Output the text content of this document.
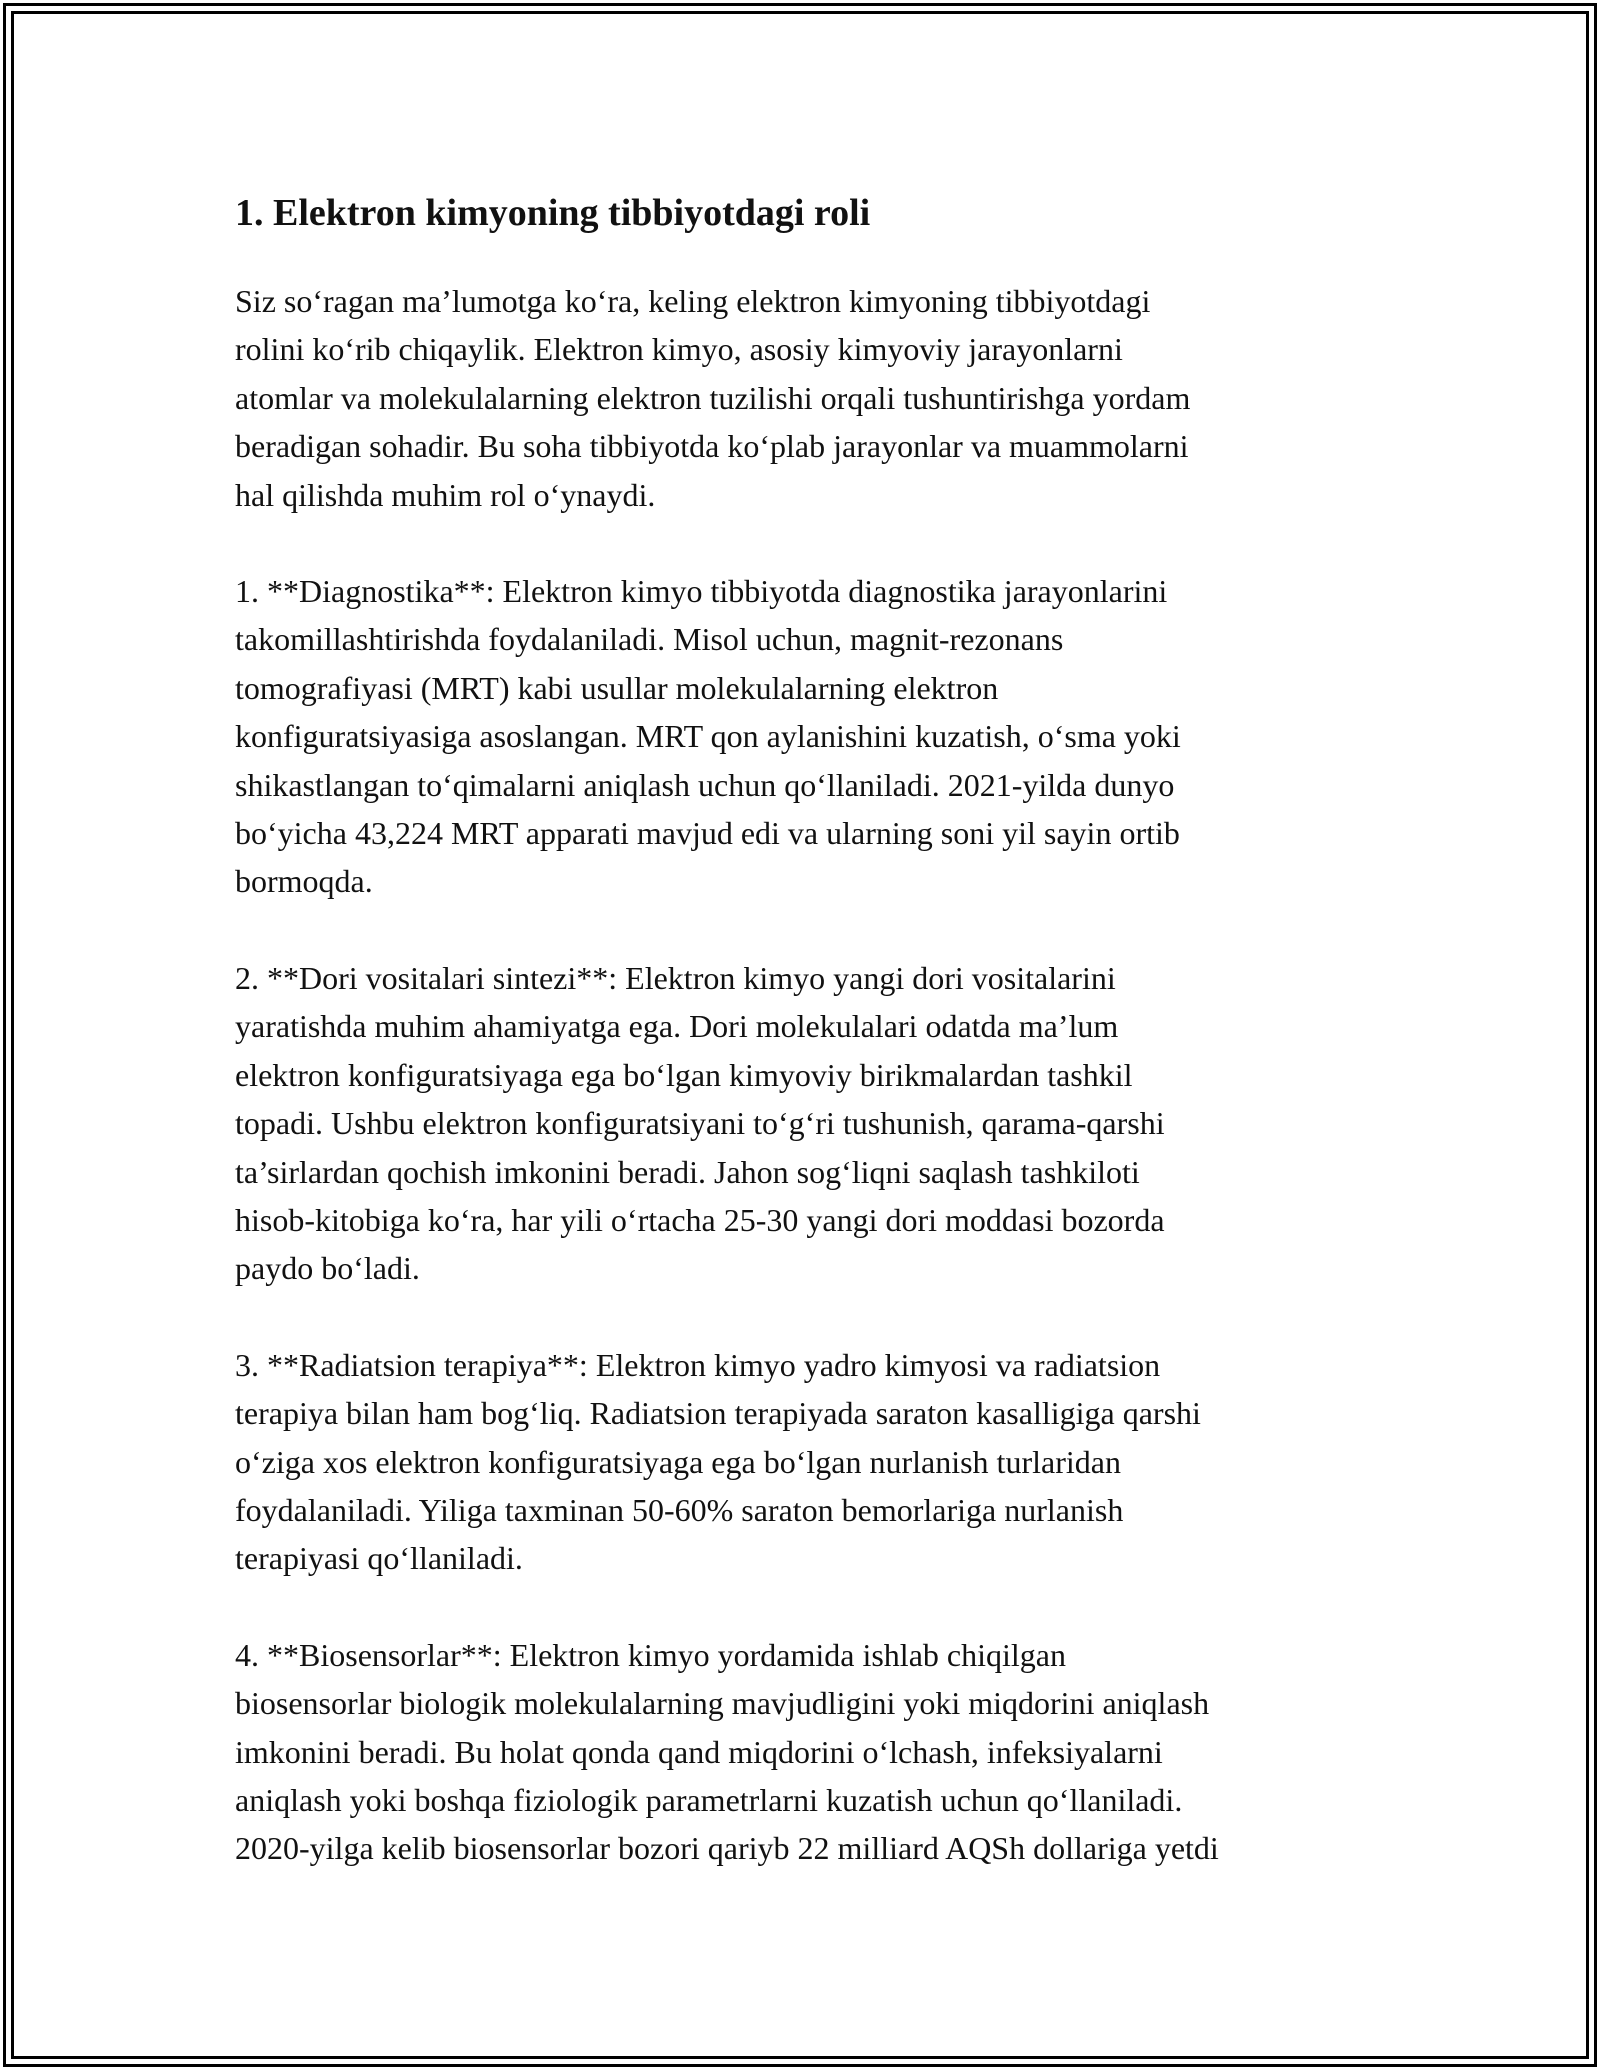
1. Elektron kimyoning tibbiyotdagi roli

Siz so‘ragan ma’lumotga ko‘ra, keling elektron kimyoning tibbiyotdagi
rolini ko‘rib chiqaylik. Elektron kimyo, asosiy kimyoviy jarayonlarni
atomlar va molekulalarning elektron tuzilishi orqali tushuntirishga yordam
beradigan sohadir. Bu soha tibbiyotda ko‘plab jarayonlar va muammolarni
hal qilishda muhim rol o‘ynaydi.

1. **Diagnostika**: Elektron kimyo tibbiyotda diagnostika jarayonlarini
takomillashtirishda foydalaniladi. Misol uchun, magnit-rezonans
tomografiyasi (MRT) kabi usullar molekulalarning elektron
konfiguratsiyasiga asoslangan. MRT qon aylanishini kuzatish, o‘sma yoki
shikastlangan to‘qimalarni aniqlash uchun qo‘llaniladi. 2021-yilda dunyo
bo‘yicha 43,224 MRT apparati mavjud edi va ularning soni yil sayin ortib
bormoqda.

2. **Dori vositalari sintezi**: Elektron kimyo yangi dori vositalarini
yaratishda muhim ahamiyatga ega. Dori molekulalari odatda ma’lum
elektron konfiguratsiyaga ega bo‘lgan kimyoviy birikmalardan tashkil
topadi. Ushbu elektron konfiguratsiyani to‘g‘ri tushunish, qarama-qarshi
ta’sirlardan qochish imkonini beradi. Jahon sog‘liqni saqlash tashkiloti
hisob-kitobiga ko‘ra, har yili o‘rtacha 25-30 yangi dori moddasi bozorda
paydo bo‘ladi.

3. **Radiatsion terapiya**: Elektron kimyo yadro kimyosi va radiatsion
terapiya bilan ham bog‘liq. Radiatsion terapiyada saraton kasalligiga qarshi
o‘ziga xos elektron konfiguratsiyaga ega bo‘lgan nurlanish turlaridan
foydalaniladi. Yiliga taxminan 50-60% saraton bemorlariga nurlanish
terapiyasi qo‘llaniladi.

4. **Biosensorlar**: Elektron kimyo yordamida ishlab chiqilgan
biosensorlar biologik molekulalarning mavjudligini yoki miqdorini aniqlash
imkonini beradi. Bu holat qonda qand miqdorini o‘lchash, infeksiyalarni
aniqlash yoki boshqa fiziologik parametrlarni kuzatish uchun qo‘llaniladi.
2020-yilga kelib biosensorlar bozori qariyb 22 milliard AQSh dollariga yetdi
